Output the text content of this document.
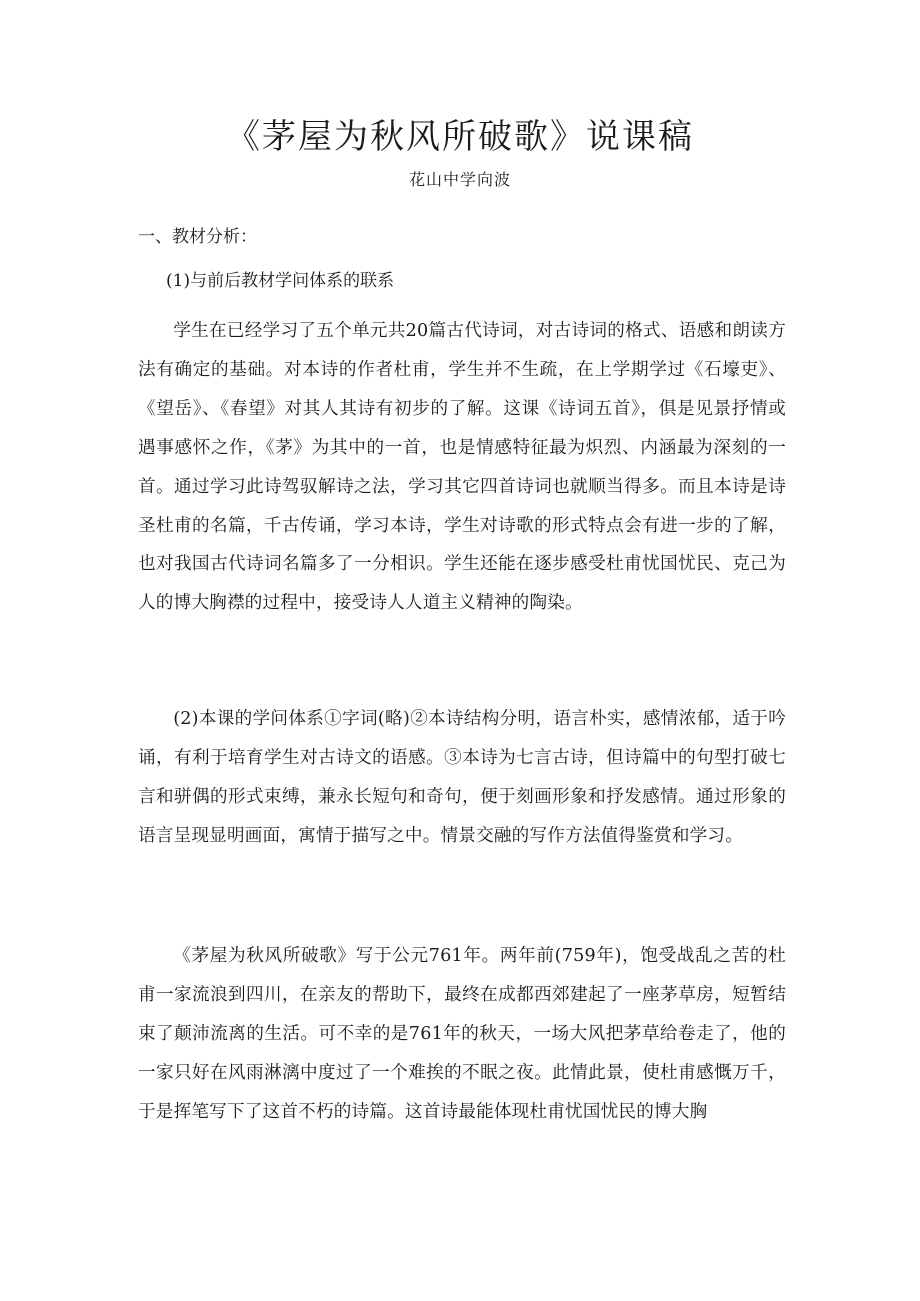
《茅屋为秋风所破歌》说课稿
花山中学向波
一、教材分析：
(1)与前后教材学问体系的联系

学生在已经学习了五个单元共20篇古代诗词，对古诗词的格式、语感和朗读方法有确定的基础。对本诗的作者杜甫，学生并不生疏，在上学期学过《石壕吏》、《望岳》、《春望》对其人其诗有初步的了解。这课《诗词五首》，俱是见景抒情或遇事感怀之作，《茅》为其中的一首，也是情感特征最为炽烈、内涵最为深刻的一首。通过学习此诗驾驭解诗之法，学习其它四首诗词也就顺当得多。而且本诗是诗圣杜甫的名篇，千古传诵，学习本诗，学生对诗歌的形式特点会有进一步的了解，也对我国古代诗词名篇多了一分相识。学生还能在逐步感受杜甫忧国忧民、克己为人的博大胸襟的过程中，接受诗人人道主义精神的陶染。

(2)本课的学问体系①字词(略)②本诗结构分明，语言朴实，感情浓郁，适于吟诵，有利于培育学生对古诗文的语感。③本诗为七言古诗，但诗篇中的句型打破七言和骈偶的形式束缚，兼永长短句和奇句，便于刻画形象和抒发感情。通过形象的语言呈现显明画面，寓情于描写之中。情景交融的写作方法值得鉴赏和学习。

《茅屋为秋风所破歌》写于公元761年。两年前(759年)，饱受战乱之苦的杜甫一家流浪到四川，在亲友的帮助下，最终在成都西郊建起了一座茅草房，短暂结束了颠沛流离的生活。可不幸的是761年的秋天，一场大风把茅草给卷走了，他的一家只好在风雨淋漓中度过了一个难挨的不眠之夜。此情此景，使杜甫感慨万千，于是挥笔写下了这首不朽的诗篇。这首诗最能体现杜甫忧国忧民的博大胸
